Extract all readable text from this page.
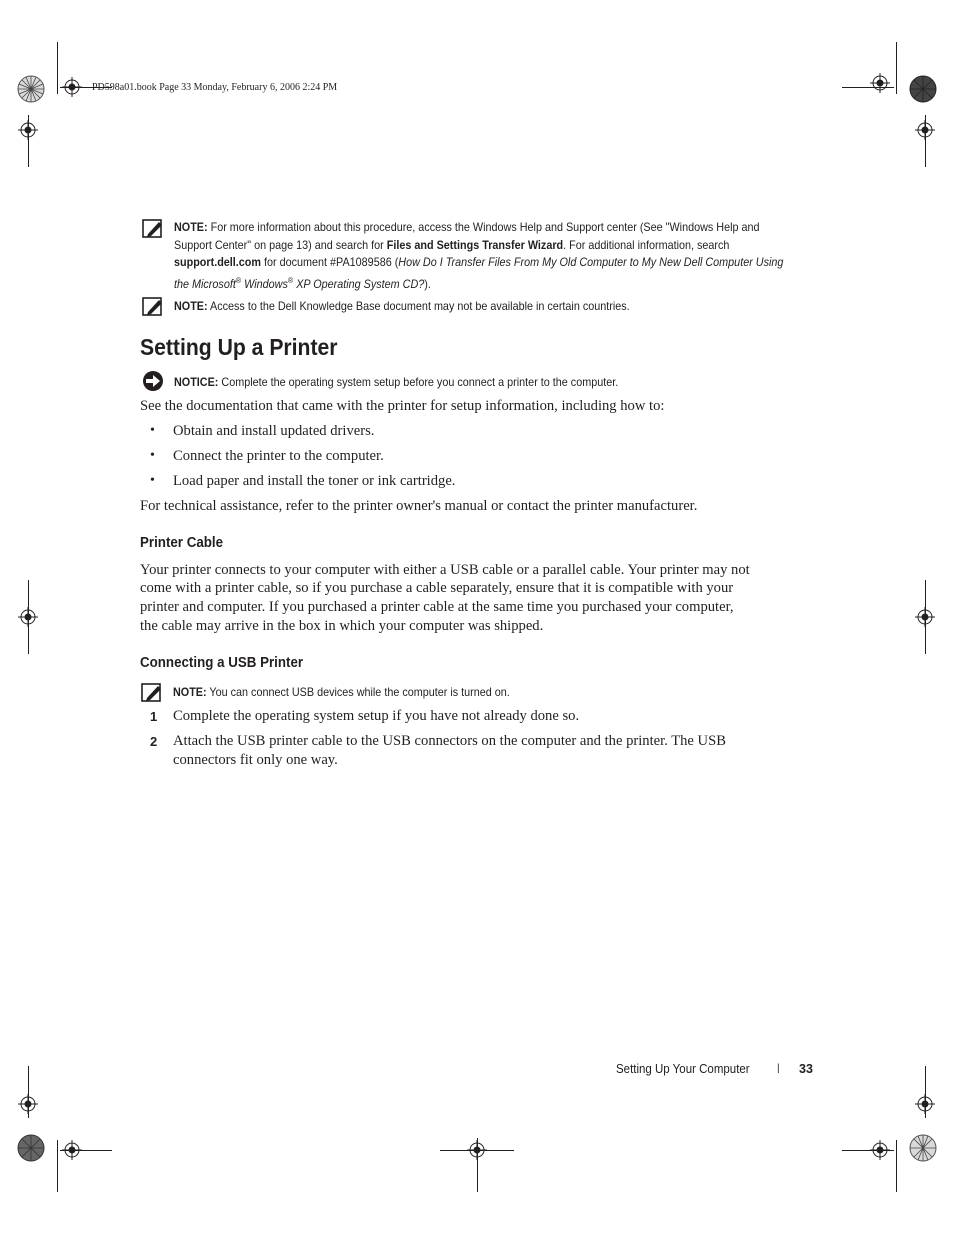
PD598a01.book Page 33 Monday, February 6, 2006 2:24 PM
NOTE: For more information about this procedure, access the Windows Help and Support center (See "Windows Help and Support Center" on page 13) and search for Files and Settings Transfer Wizard. For additional information, search support.dell.com for document #PA1089586 (How Do I Transfer Files From My Old Computer to My New Dell Computer Using the Microsoft® Windows® XP Operating System CD?).
NOTE: Access to the Dell Knowledge Base document may not be available in certain countries.
Setting Up a Printer
NOTICE: Complete the operating system setup before you connect a printer to the computer.
See the documentation that came with the printer for setup information, including how to:
• Obtain and install updated drivers.
• Connect the printer to the computer.
• Load paper and install the toner or ink cartridge.
For technical assistance, refer to the printer owner's manual or contact the printer manufacturer.
Printer Cable
Your printer connects to your computer with either a USB cable or a parallel cable. Your printer may not
come with a printer cable, so if you purchase a cable separately, ensure that it is compatible with your
printer and computer. If you purchased a printer cable at the same time you purchased your computer,
the cable may arrive in the box in which your computer was shipped.
Connecting a USB Printer
NOTE: You can connect USB devices while the computer is turned on.
1 Complete the operating system setup if you have not already done so.
2 Attach the USB printer cable to the USB connectors on the computer and the printer. The USB
connectors fit only one way.
Setting Up Your Computer	| 33
